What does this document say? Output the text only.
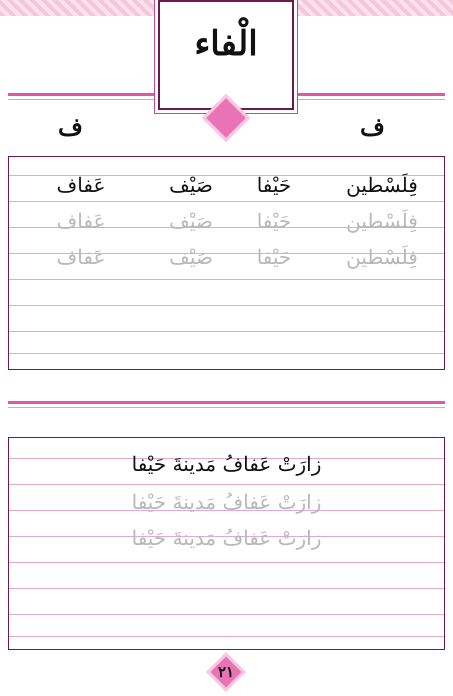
الْفاء
ف	ف
فِلَسْطين
حَيْفا
صَيْف
عَفاف
فِلَسْطين
حَيْفا
صَيْف
عَفاف
فِلَسْطين
حَيْفا
صَيْف
عَفاف
زارَتْ عَفافُ مَدينةَ حَيْفا
زارَتْ عَفافُ مَدينةَ حَيْفا
زارَتْ عَفافُ مَدينةَ حَيْفا
٢١
